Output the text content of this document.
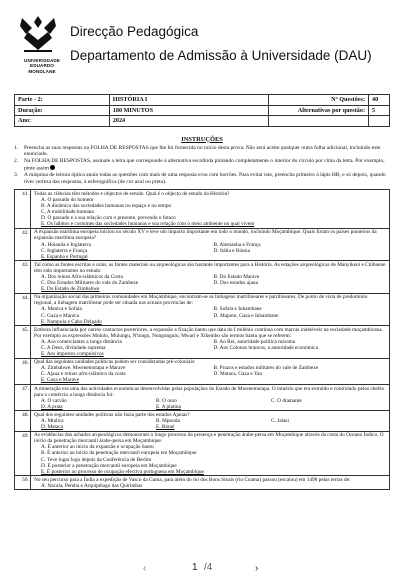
UNIVERSIDADE
EDUARDO
MONDLANE
Direcção Pedagógica
Departamento de Admissão à Universidade (DAU)
Parte - 2:	HISTÓRIA I	Nº Questões:	40
Duração:	180 MINUTOS	Alternativas por questão:	5
Ano:	2024		
INSTRUÇÕES
1. Preencha as suas respostas na FOLHA DE RESPOSTAS que lhe foi fornecida no início desta prova. Não será aceite qualquer outra folha adicional, incluindo este enunciado.
2. Na FOLHA DE RESPOSTAS, assinale a letra que corresponde à alternativa escolhida pintando completamente o interior do círculo por cima da letra. Por exemplo, pinte assim
3. A máquina de leitura óptica anula todas as questões com mais de uma resposta e/ou com borrões. Para evitar isto, preencha primeiro à lápis HB, e só depois, quando tiver certeza das respostas, à esferográfica (de cor azul ou preta).
41. Todas as ciências têm métodos e objectos de estudo. Qual é o objecto de estudo da História?
A. O passado do homem
B. A dinâmica das sociedades humanas no espaço e no tempo
C. A mobilidade humana
D. O passado e a sua relação com o presente, prevendo o futuro
E. Os hábitos e costumes das sociedades humanas e sua relação com o meio ambiente no qual vivem
42. A expansão marítima europeia iniciou no século XV e teve um impacto importante em todo o mundo, incluindo Moçambique. Quais foram os países pioneiros da expansão marítima europeia?
A. Holanda e Inglaterra	B. Alemanha e França
C. Inglaterra e França	D. Itália e Rússia
E. Espanha e Portugal
43. Tal como as fontes escritas e orais, as fontes materiais ou arqueológicas são bastante importantes para a História. As estações arqueológicas de Manyikeni e Chibuene têm sido importantes no estudo:
A. Dos reinos Afro-islâmicos da Costa	B. Do Estado Marave
C. Dos Estados Militares do vale do Zambeze	D. Dos estados ajaua
E. Do Estado de Zimbabwe
44. Na organização social das primeiras comunidades em Moçambique, encontram-se as linhagens matrilineares e patrilineares. De ponto de vista de predomínio regional, a linhagem matrilinear pode ser situada nas actuais províncias de:
A. Manica e Sofala	B. Sofala e Inhambane
C. Gaza e Manica	D. Maputo, Gaza e Inhambane
E. Nampula e Cabo Delgado
45. Embora influenciada por outros contactos posteriores, a expansão e fixação bantu que data do I milénio continua com marcas indeléveis na sociedade moçambicana. Por exemplo as expressões Mululo, Mulungu, N'tungu, Nungungulu, Mwari e Xikembo são termos bantu que se referem:
A. Aos comerciantes a longa distância	B. Ao Rei, autoridade política máxima
C. A Deus, divindade suprema	D. Aos Colonos brancos, a autoridade económica
E. Aos impostos compulsivos
46. Qual das seguintes unidades políticas podem ser consideradas pré-coloniais:
A. Zimbabwe, Mwenemutapa e Marave	B. Prazos e estados militares do vale de Zambeze
C. Ajaua e reinos afro-islâmico da costa	D. Mataca, Gaza e Yao
E. Gaza e Marave
47. A mineração era uma das actividades económicas desenvolvidas pelas populações do Estado de Mwenemutapa. O minério que era extraído e controlado pelos chefes para o comércio a longa distância foi:
A. O carvão	B. O ouro	C. O diamante
D. A prata	E. A platina
48. Qual dos seguintes unidades políticas não fazia parte dos estados Ajauas?
A. Mtalica	B. Mponda	C. Jalasi
D. Mataca	E. Báruè
49. As evidências dos achados arqueológicos demonstram o longo processo da presença e penetração árabe-persa em Moçambique através da costa do Oceano Índico. O início da penetração mercantil árabe-persa em Moçambique:
A. É anterior ao início da expansão e ocupação bantu
B. É anterior ao início da penetração mercantil europeia em Moçambique
C. Teve lugar logo depois da Conferência de Berlim
D. É posterior a penetração mercantil europeia em Moçambique
E. É posterior ao processo de ocupação efectiva portuguesa em Moçambique
50. No seu percurso para a Índia a expedição de Vasco da Gama, para além do rio dos Bons Sinais (rio Cuama) passou (escalou) em 1498 pelas terras de:
A. Nacala, Pemba e Arquipélago das Quirimbas
‹	1 /4	›
